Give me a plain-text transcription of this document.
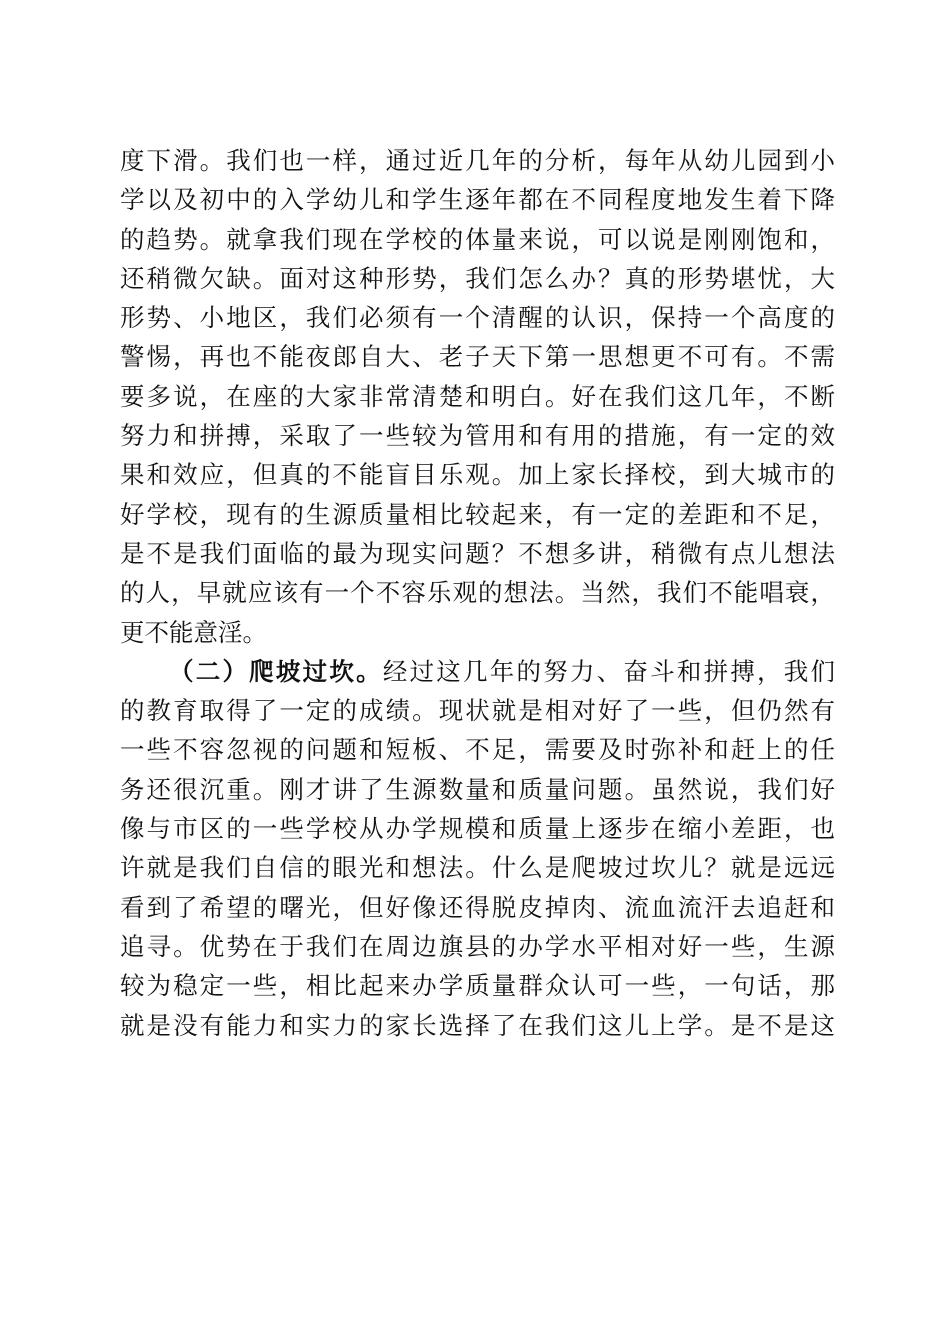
度下滑。我们也一样，通过近几年的分析，每年从幼儿园到小
学以及初中的入学幼儿和学生逐年都在不同程度地发生着下降
的趋势。就拿我们现在学校的体量来说，可以说是刚刚饱和，
还稍微欠缺。面对这种形势，我们怎么办？真的形势堪忧，大
形势、小地区，我们必须有一个清醒的认识，保持一个高度的
警惕，再也不能夜郎自大、老子天下第一思想更不可有。不需
要多说，在座的大家非常清楚和明白。好在我们这几年，不断
努力和拼搏，采取了一些较为管用和有用的措施，有一定的效
果和效应，但真的不能盲目乐观。加上家长择校，到大城市的
好学校，现有的生源质量相比较起来，有一定的差距和不足，
是不是我们面临的最为现实问题？不想多讲，稍微有点儿想法
的人，早就应该有一个不容乐观的想法。当然，我们不能唱衰，
更不能意淫。
（二）爬坡过坎。经过这几年的努力、奋斗和拼搏，我们
的教育取得了一定的成绩。现状就是相对好了一些，但仍然有
一些不容忽视的问题和短板、不足，需要及时弥补和赶上的任
务还很沉重。刚才讲了生源数量和质量问题。虽然说，我们好
像与市区的一些学校从办学规模和质量上逐步在缩小差距，也
许就是我们自信的眼光和想法。什么是爬坡过坎儿？就是远远
看到了希望的曙光，但好像还得脱皮掉肉、流血流汗去追赶和
追寻。优势在于我们在周边旗县的办学水平相对好一些，生源
较为稳定一些，相比起来办学质量群众认可一些，一句话，那
就是没有能力和实力的家长选择了在我们这儿上学。是不是这
